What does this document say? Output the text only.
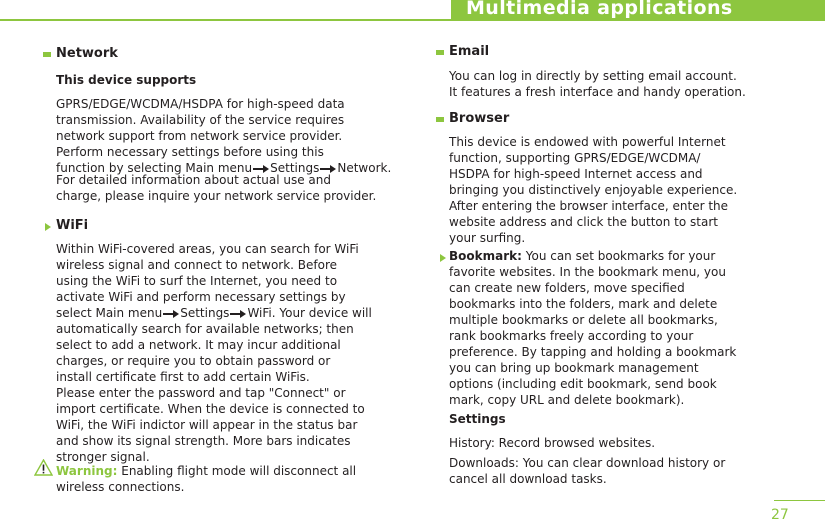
Multimedia applications
Network
This device supports
GPRS/EDGE/WCDMA/HSDPA for high-speed data
transmission. Availability of the service requires
network support from network service provider.
Perform necessary settings before using this
function by selecting Main menu Settings Network.
For detailed information about actual use and
charge, please inquire your network service provider.
WiFi
Within WiFi-covered areas, you can search for WiFi
wireless signal and connect to network. Before
using the WiFi to surf the Internet, you need to
activate WiFi and perform necessary settings by
select Main menu Settings WiFi. Your device will
automatically search for available networks; then
select to add a network. It may incur additional
charges, or require you to obtain password or
install certificate first to add certain WiFis.
Please enter the password and tap "Connect" or
import certificate. When the device is connected to
WiFi, the WiFi indictor will appear in the status bar
and show its signal strength. More bars indicates
stronger signal.
Warning: Enabling flight mode will disconnect all
wireless connections.
Email
You can log in directly by setting email account.
It features a fresh interface and handy operation.
Browser
This device is endowed with powerful Internet
function, supporting GPRS/EDGE/WCDMA/
HSDPA for high-speed Internet access and
bringing you distinctively enjoyable experience.
After entering the browser interface, enter the
website address and click the button to start
your surfing.
Bookmark: You can set bookmarks for your
favorite websites. In the bookmark menu, you
can create new folders, move specified
bookmarks into the folders, mark and delete
multiple bookmarks or delete all bookmarks,
rank bookmarks freely according to your
preference. By tapping and holding a bookmark
you can bring up bookmark management
options (including edit bookmark, send book
mark, copy URL and delete bookmark).
Settings
History: Record browsed websites.
Downloads: You can clear download history or
cancel all download tasks.
27
